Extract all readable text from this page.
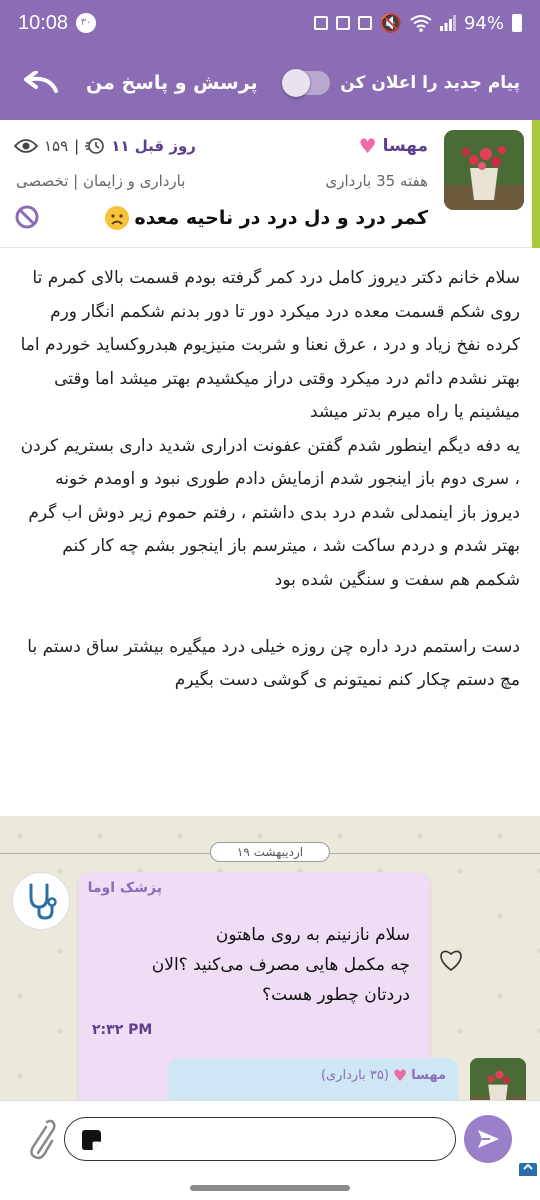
10:08	۳۰	🔇	94%
پرسش و پاسخ من	پیام جدید را اعلان کن
مهسا
♥
هفته 35 بارداری
بارداری و زایمان | تخصصی
۱۵۹ | ۱۱ روز قبل
کمر درد و دل درد در ناحیه معده

سلام خانم دکتر دیروز کامل درد کمر گرفته بودم قسمت بالای کمرم تا روی شکم قسمت معده درد میکرد دور تا دور بدنم شکمم انگار ورم کرده نفخ زیاد و درد ، عرق نعنا و شربت منیزیوم هبدروکساید خوردم اما بهتر نشدم دائم درد میکرد وقتی دراز میکشیدم بهتر میشد اما وقتی میشینم یا راه میرم بدتر میشد
یه دفه دیگم اینطور شدم گفتن عفونت ادراری شدید داری بستریم کردن ، سری دوم باز اینجور شدم ازمایش دادم طوری نبود و اومدم خونه
دیروز باز اینمدلی شدم درد بدی داشتم ، رفتم حموم زیر دوش اب گرم بهتر شدم و دردم ساکت شد ، میترسم باز اینجور بشم چه کار کنم
شکمم هم سفت و سنگین شده بود

دست راستمم درد داره چن روزه خیلی درد میگیره بیشتر ساق دستم با مچ دستم چکار کنم نمیتونم ی گوشی دست بگیرم

۱۹ اردیبهشت
پزشک اوما
سلام نازنینم به روی ماهتون
چه مکمل هایی مصرف می‌کنید ؟الان دردتان چطور هست؟
۲:۳۲ PM
مهسا
♥
(۳۵ بارداری)
